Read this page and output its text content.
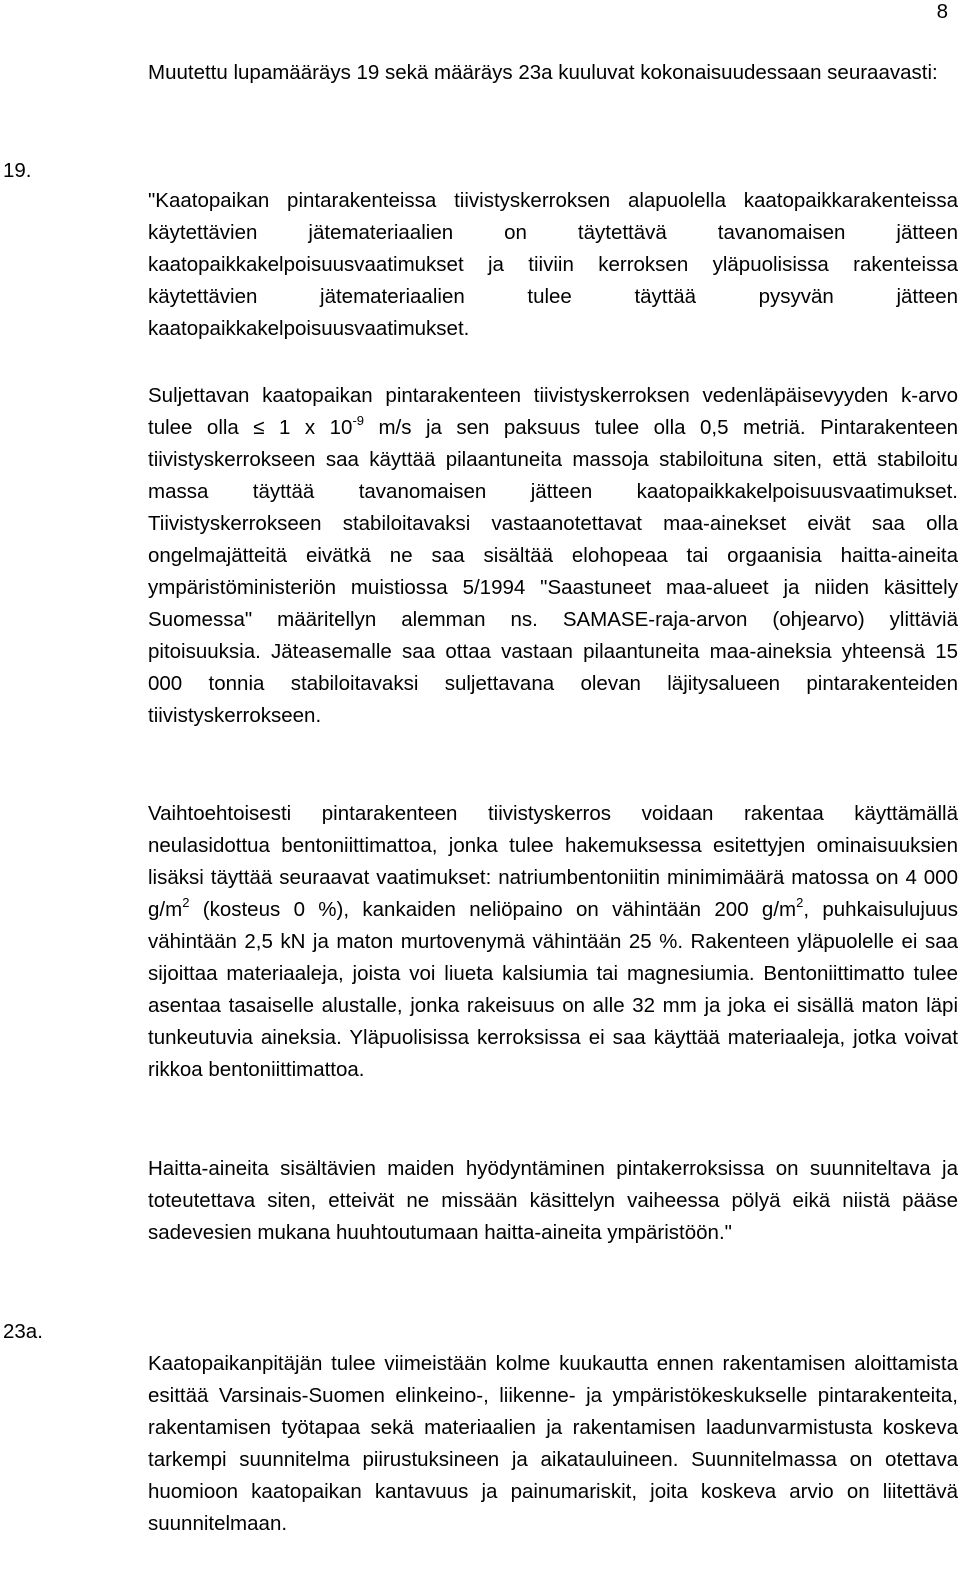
8

Muutettu lupamääräys 19 sekä määräys 23a kuuluvat kokonaisuudessaan seuraavasti:

19.

"Kaatopaikan pintarakenteissa tiivistyskerroksen alapuolella kaatopaikkarakenteissa käytettävien jätemateriaalien on täytettävä tavanomaisen jätteen kaatopaikkakelpoisuusvaatimukset ja tiiviin kerroksen yläpuolisissa rakenteissa käytettävien jätemateriaalien tulee täyttää pysyvän jätteen kaatopaikkakelpoisuusvaatimukset.

Suljettavan kaatopaikan pintarakenteen tiivistyskerroksen vedenläpäisevyyden k-arvo tulee olla ≤ 1 x $10^{-9}$ m/s ja sen paksuus tulee olla 0,5 metriä. Pintarakenteen tiivistyskerrokseen saa käyttää pilaantuneita massoja stabiloituna siten, että stabiloitu massa täyttää tavanomaisen jätteen kaatopaikkakelpoisuusvaatimukset. Tiivistyskerrokseen stabiloitavaksi vastaanotettavat maa-ainekset eivät saa olla ongelmajätteitä eivätkä ne saa sisältää elohopeaa tai orgaanisia haitta-aineita ympäristöministeriön muistiossa 5/1994 "Saastuneet maa-alueet ja niiden käsittely Suomessa" määritellyn alemman ns. SAMASE-raja-arvon (ohjearvo) ylittäviä pitoisuuksia. Jäteasemalle saa ottaa vastaan pilaantuneita maa-aineksia yhteensä 15 000 tonnia stabiloitavaksi suljettavana olevan läjitysalueen pintarakenteiden tiivistyskerrokseen.

Vaihtoehtoisesti pintarakenteen tiivistyskerros voidaan rakentaa käyttämällä neulasidottua bentoniittimattoa, jonka tulee hakemuksessa esitettyjen ominaisuuksien lisäksi täyttää seuraavat vaatimukset: natriumbentoniitin minimimäärä matossa on 4 000 $g/m^2$ (kosteus 0 %), kankaiden neliöpaino on vähintään 200 $g/m^2$, puhkaisulujuus vähintään 2,5 kN ja maton murtovenymä vähintään 25 %. Rakenteen yläpuolelle ei saa sijoittaa materiaaleja, joista voi liueta kalsiumia tai magnesiumia. Bentoniittimatto tulee asentaa tasaiselle alustalle, jonka rakeisuus on alle 32 mm ja joka ei sisällä maton läpi tunkeutuvia aineksia. Yläpuolisissa kerroksissa ei saa käyttää materiaaleja, jotka voivat rikkoa bentoniittimattoa.

Haitta-aineita sisältävien maiden hyödyntäminen pintakerroksissa on suunniteltava ja toteutettava siten, etteivät ne missään käsittelyn vaiheessa pölyä eikä niistä pääse sadevesien mukana huuhtoutumaan haitta-aineita ympäristöön."

23a.

Kaatopaikanpitäjän tulee viimeistään kolme kuukautta ennen rakentamisen aloittamista esittää Varsinais-Suomen elinkeino-, liikenne- ja ympäristökeskukselle pintarakenteita, rakentamisen työtapaa sekä materiaalien ja rakentamisen laadunvarmistusta koskeva tarkempi suunnitelma piirustuksineen ja aikatauluineen. Suunnitelmassa on otettava huomioon kaatopaikan kantavuus ja painumariskit, joita koskeva arvio on liitettävä suunnitelmaan.
